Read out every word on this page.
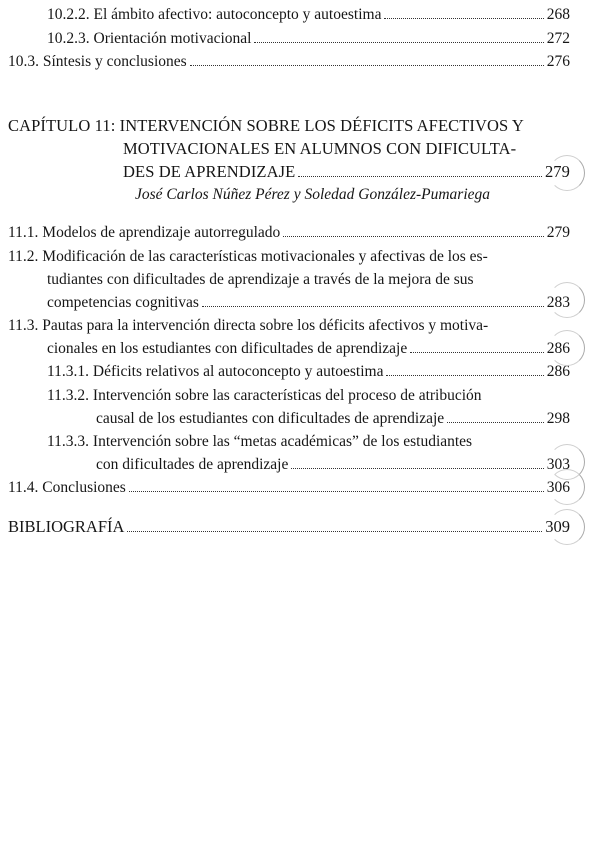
10.2.2. El ámbito afectivo: autoconcepto y autoestima	268
10.2.3. Orientación motivacional	272
10.3. Síntesis y conclusiones	276
CAPÍTULO 11: INTERVENCIÓN SOBRE LOS DÉFICITS AFECTIVOS Y
MOTIVACIONALES EN ALUMNOS CON DIFICULTA-
DES DE APRENDIZAJE	279
José Carlos Núñez Pérez y Soledad González-Pumariega
11.1. Modelos de aprendizaje autorregulado	279
11.2. Modificación de las características motivacionales y afectivas de los es-
tudiantes con dificultades de aprendizaje a través de la mejora de sus
competencias cognitivas	283
11.3. Pautas para la intervención directa sobre los déficits afectivos y motiva-
cionales en los estudiantes con dificultades de aprendizaje	286
11.3.1. Déficits relativos al autoconcepto y autoestima	286
11.3.2. Intervención sobre las características del proceso de atribución
causal de los estudiantes con dificultades de aprendizaje	298
11.3.3. Intervención sobre las “metas académicas” de los estudiantes
con dificultades de aprendizaje	303
11.4. Conclusiones	306
BIBLIOGRAFÍA	309
